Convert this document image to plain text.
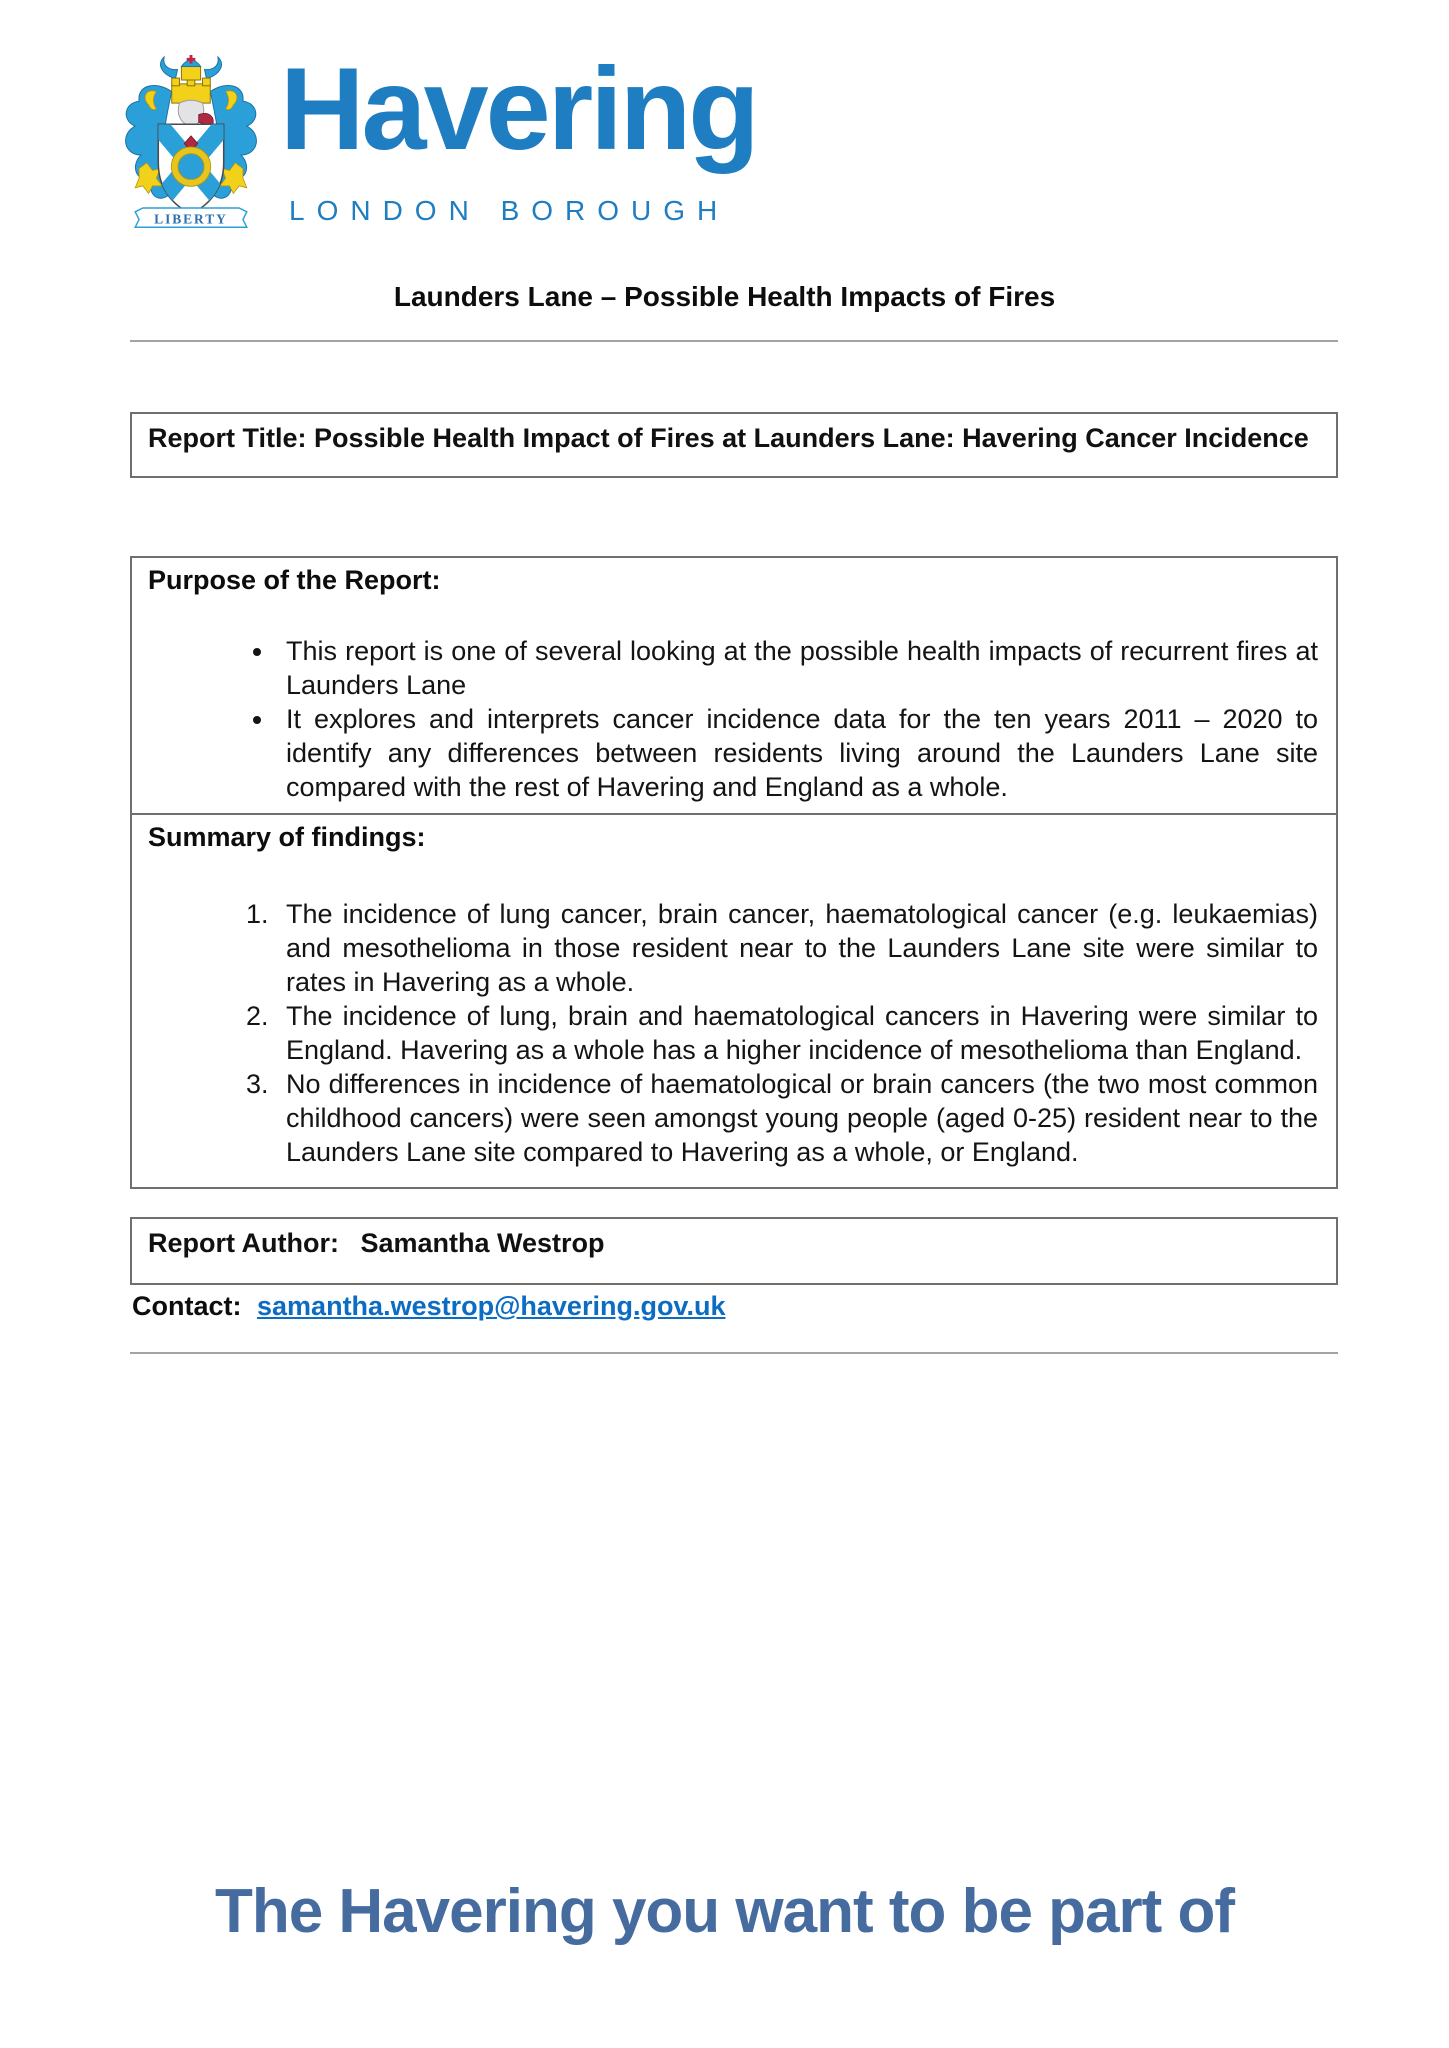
LIBERTY
Havering
LONDON BOROUGH
Launders Lane – Possible Health Impacts of Fires
Report Title: Possible Health Impact of Fires at Launders Lane: Havering Cancer Incidence
Purpose of the Report:
• This report is one of several looking at the possible health impacts of recurrent fires at Launders Lane
• It explores and interprets cancer incidence data for the ten years 2011 – 2020 to identify any differences between residents living around the Launders Lane site compared with the rest of Havering and England as a whole.
Summary of findings:
1. The incidence of lung cancer, brain cancer, haematological cancer (e.g. leukaemias) and mesothelioma in those resident near to the Launders Lane site were similar to rates in Havering as a whole.
2. The incidence of lung, brain and haematological cancers in Havering were similar to England. Havering as a whole has a higher incidence of mesothelioma than England.
3. No differences in incidence of haematological or brain cancers (the two most common childhood cancers) were seen amongst young people (aged 0-25) resident near to the Launders Lane site compared to Havering as a whole, or England.
Report Author: Samantha Westrop
Contact: samantha.westrop@havering.gov.uk
The Havering you want to be part of
